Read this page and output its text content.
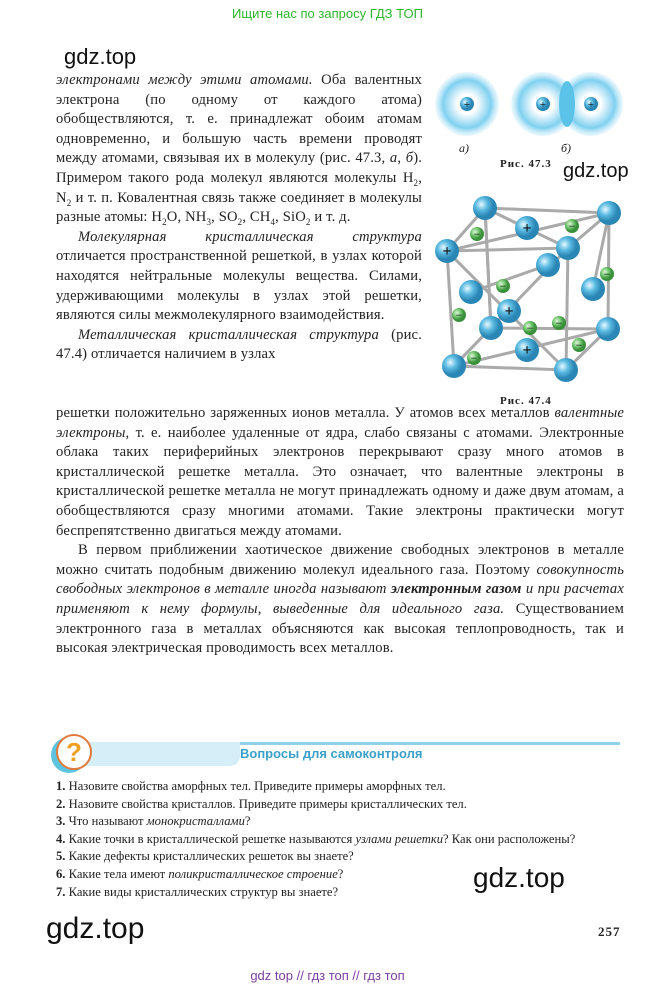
Ищите нас по запросу ГДЗ ТОП
gdz.top
gdz.top
gdz.top
gdz.top

электронами между этими атомами. Оба валентных электрона (по одному от каждого атома) обобществляются, т. е. принадлежат обоим атомам одновременно, и большую часть времени проводят между атомами, связывая их в молекулу (рис. 47.3, а, б). Примером такого рода молекул являются молекулы $H_2$, $N_2$ и т. п. Ковалентная связь также соединяет в молекулы разные атомы: $H_2O$, $NH_3$, $SO_2$, $CH_4$, SiO$_2$ и т. д.

Молекулярная кристаллическая структура отличается пространственной решеткой, в узлах которой находятся нейтральные молекулы вещества. Силами, удерживающими молекулы в узлах этой решетки, являются силы межмолекулярного взаимодействия.

Металлическая кристаллическая структура (рис. 47.4) отличается наличием в узлах

решетки положительно заряженных ионов металла. У атомов всех металлов валентные электроны, т. е. наиболее удаленные от ядра, слабо связаны с атомами. Электронные облака таких периферийных электронов перекрывают сразу много атомов в кристаллической решетке металла. Это означает, что валентные электроны в кристаллической решетке металла не могут принадлежать одному и даже двум атомам, а обобществляются сразу многими атомами. Такие электроны практически могут беспрепятственно двигаться между атомами.

В первом приближении хаотическое движение свободных электронов в металле можно считать подобным движению молекул идеального газа. Поэтому совокупность свободных электронов в металле иногда называют электронным газом и при расчетах применяют к нему формулы, выведенные для идеального газа. Существованием электронного газа в металлах объясняются как высокая теплопроводность, так и высокая электрическая проводимость всех металлов.

+	+	+
а)	б)
Рис. 47.3
+
+
+
+
−
−
−
−
−
− −
−
−
Рис. 47.4
?	Вопросы для самоконтроля
1. Назовите свойства аморфных тел. Приведите примеры аморфных тел.
2. Назовите свойства кристаллов. Приведите примеры кристаллических тел.
3. Что называют монокристаллами?
4. Какие точки в кристаллической решетке называются узлами решетки? Как они расположены?
5. Какие дефекты кристаллических решеток вы знаете?
6. Какие тела имеют поликристаллическое строение?
7. Какие виды кристаллических структур вы знаете?
257
gdz top // гдз топ // гдз топ
